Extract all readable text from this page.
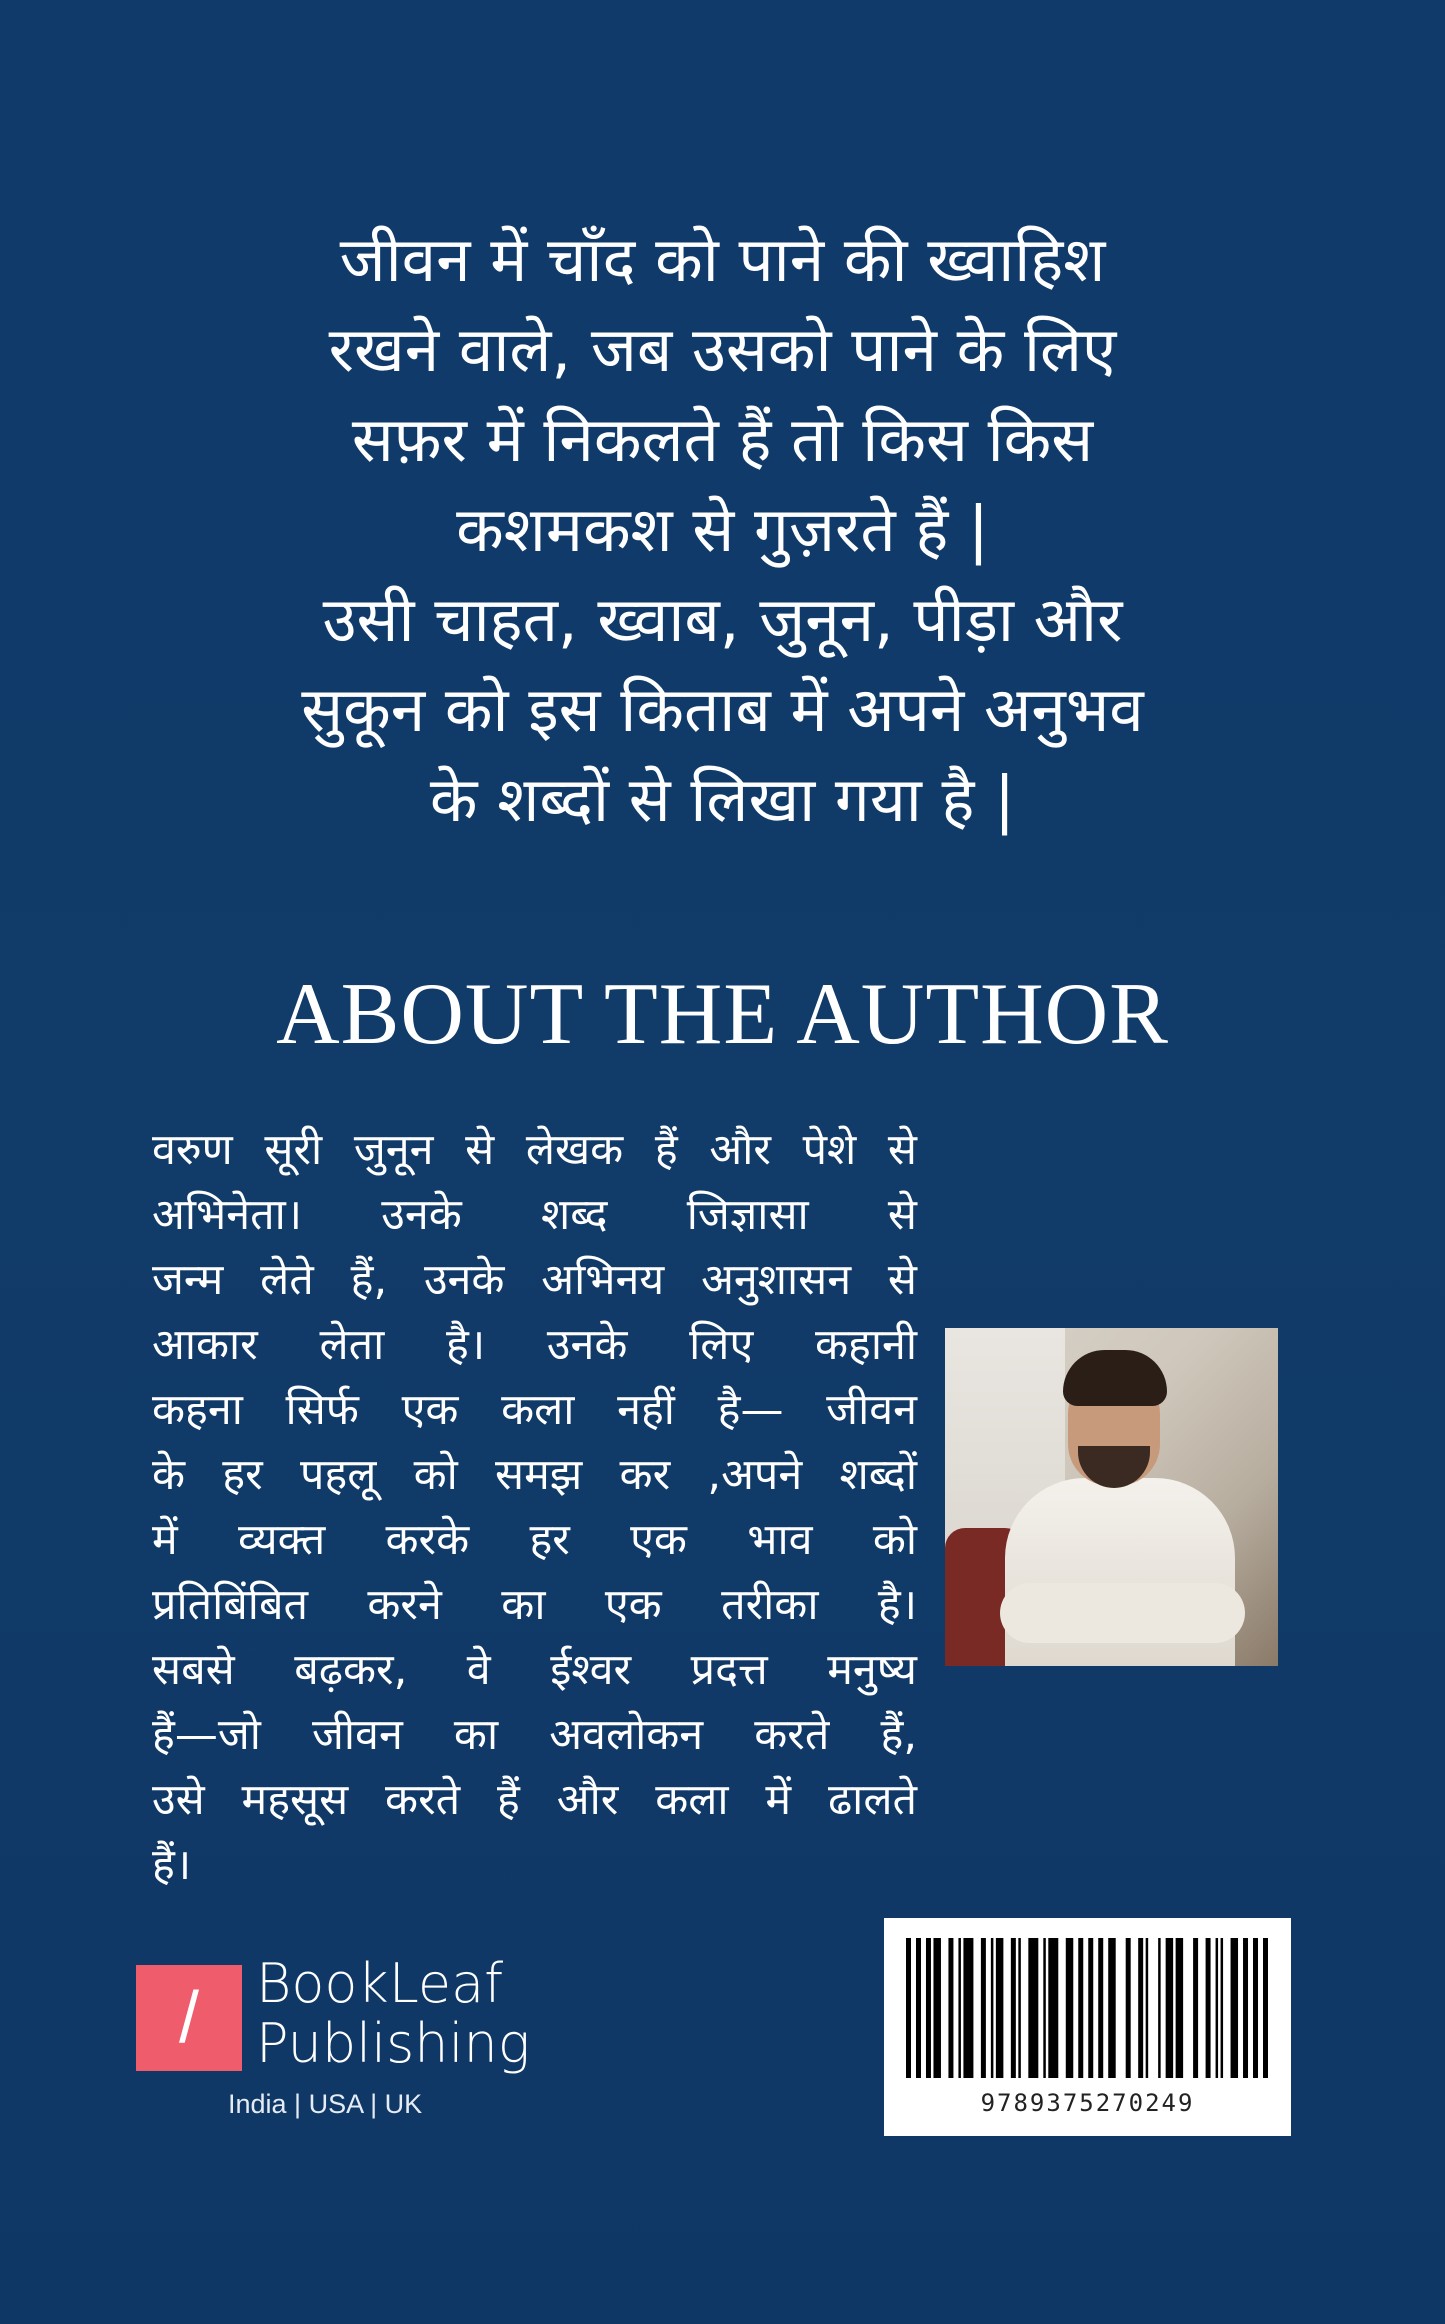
जीवन में चाँद को पाने की ख्वाहिश
रखने वाले, जब उसको पाने के लिए
सफ़र में निकलते हैं तो किस किस
कशमकश से गुज़रते हैं |
उसी चाहत, ख्वाब, जुनून, पीड़ा और
सुकून को इस किताब में अपने अनुभव
के शब्दों से लिखा गया है |
ABOUT THE AUTHOR
वरुण सूरी जुनून से लेखक हैं और पेशे से
अभिनेता। उनके शब्द जिज्ञासा से
जन्म लेते हैं, उनके अभिनय अनुशासन से
आकार लेता है। उनके लिए कहानी
कहना सिर्फ एक कला नहीं है— जीवन
के हर पहलू को समझ कर ,अपने शब्दों
में व्यक्त करके हर एक भाव को
प्रतिबिंबित करने का एक तरीका है।
सबसे बढ़कर, वे ईश्वर प्रदत्त मनुष्य
हैं—जो जीवन का अवलोकन करते हैं,
उसे महसूस करते हैं और कला में ढालते
हैं।
/	BookLeaf
Publishing
India | USA | UK	9789375270249
